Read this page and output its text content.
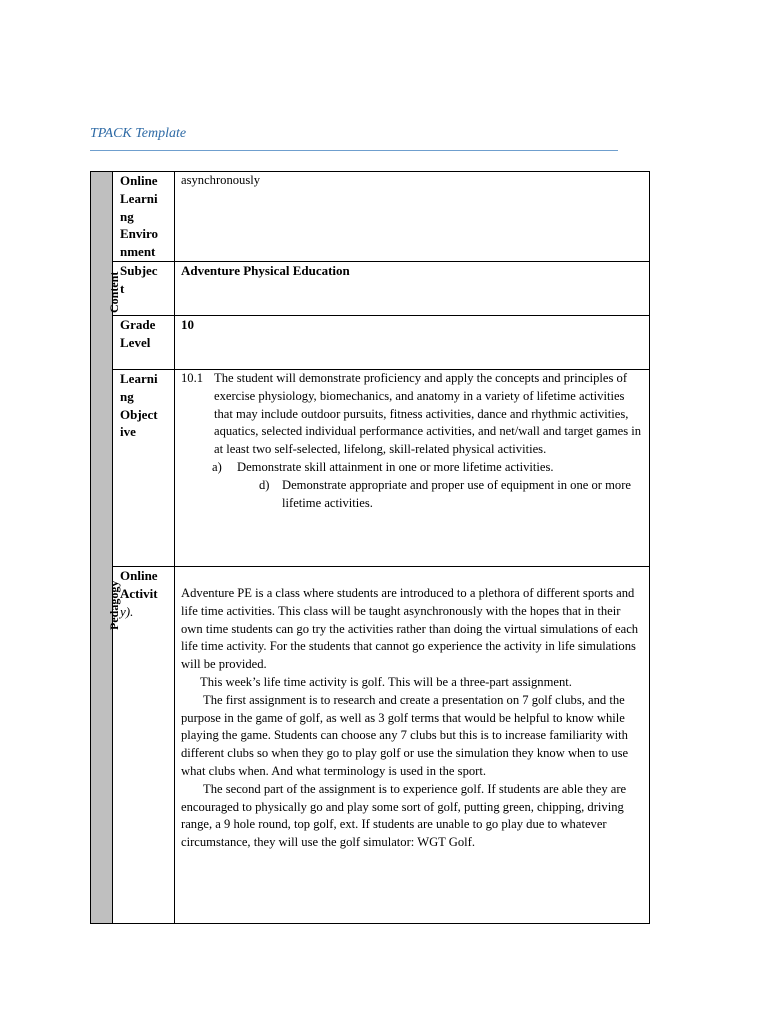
TPACK Template
Content
Pedagogy
Online
Learni
ng
Enviro
nment
asynchronously
Subjec
t
Adventure Physical Education
Grade
Level
10
Learni
ng
Object
ive
10.1 The student will demonstrate proficiency and apply the concepts and principles of exercise physiology, biomechanics, and anatomy in a variety of lifetime activities that may include outdoor pursuits, fitness activities, dance and rhythmic activities, aquatics, selected individual performance activities, and net/wall and target games in at least two self-selected, lifelong, skill-related physical activities.
a) Demonstrate skill attainment in one or more lifetime activities.
d) Demonstrate appropriate and proper use of equipment in one or more lifetime activities.
Online
Activit
y).

Adventure PE is a class where students are introduced to a plethora of different sports and life time activities. This class will be taught asynchronously with the hopes that in their own time students can go try the activities rather than doing the virtual simulations of each life time activity. For the students that cannot go experience the activity in life simulations will be provided.

This week’s life time activity is golf. This will be a three-part assignment.

The first assignment is to research and create a presentation on 7 golf clubs, and the purpose in the game of golf, as well as 3 golf terms that would be helpful to know while playing the game. Students can choose any 7 clubs but this is to increase familiarity with different clubs so when they go to play golf or use the simulation they know when to use what clubs when. And what terminology is used in the sport.

The second part of the assignment is to experience golf. If students are able they are encouraged to physically go and play some sort of golf, putting green, chipping, driving range, a 9 hole round, top golf, ext. If students are unable to go play due to whatever circumstance, they will use the golf simulator: WGT Golf.
